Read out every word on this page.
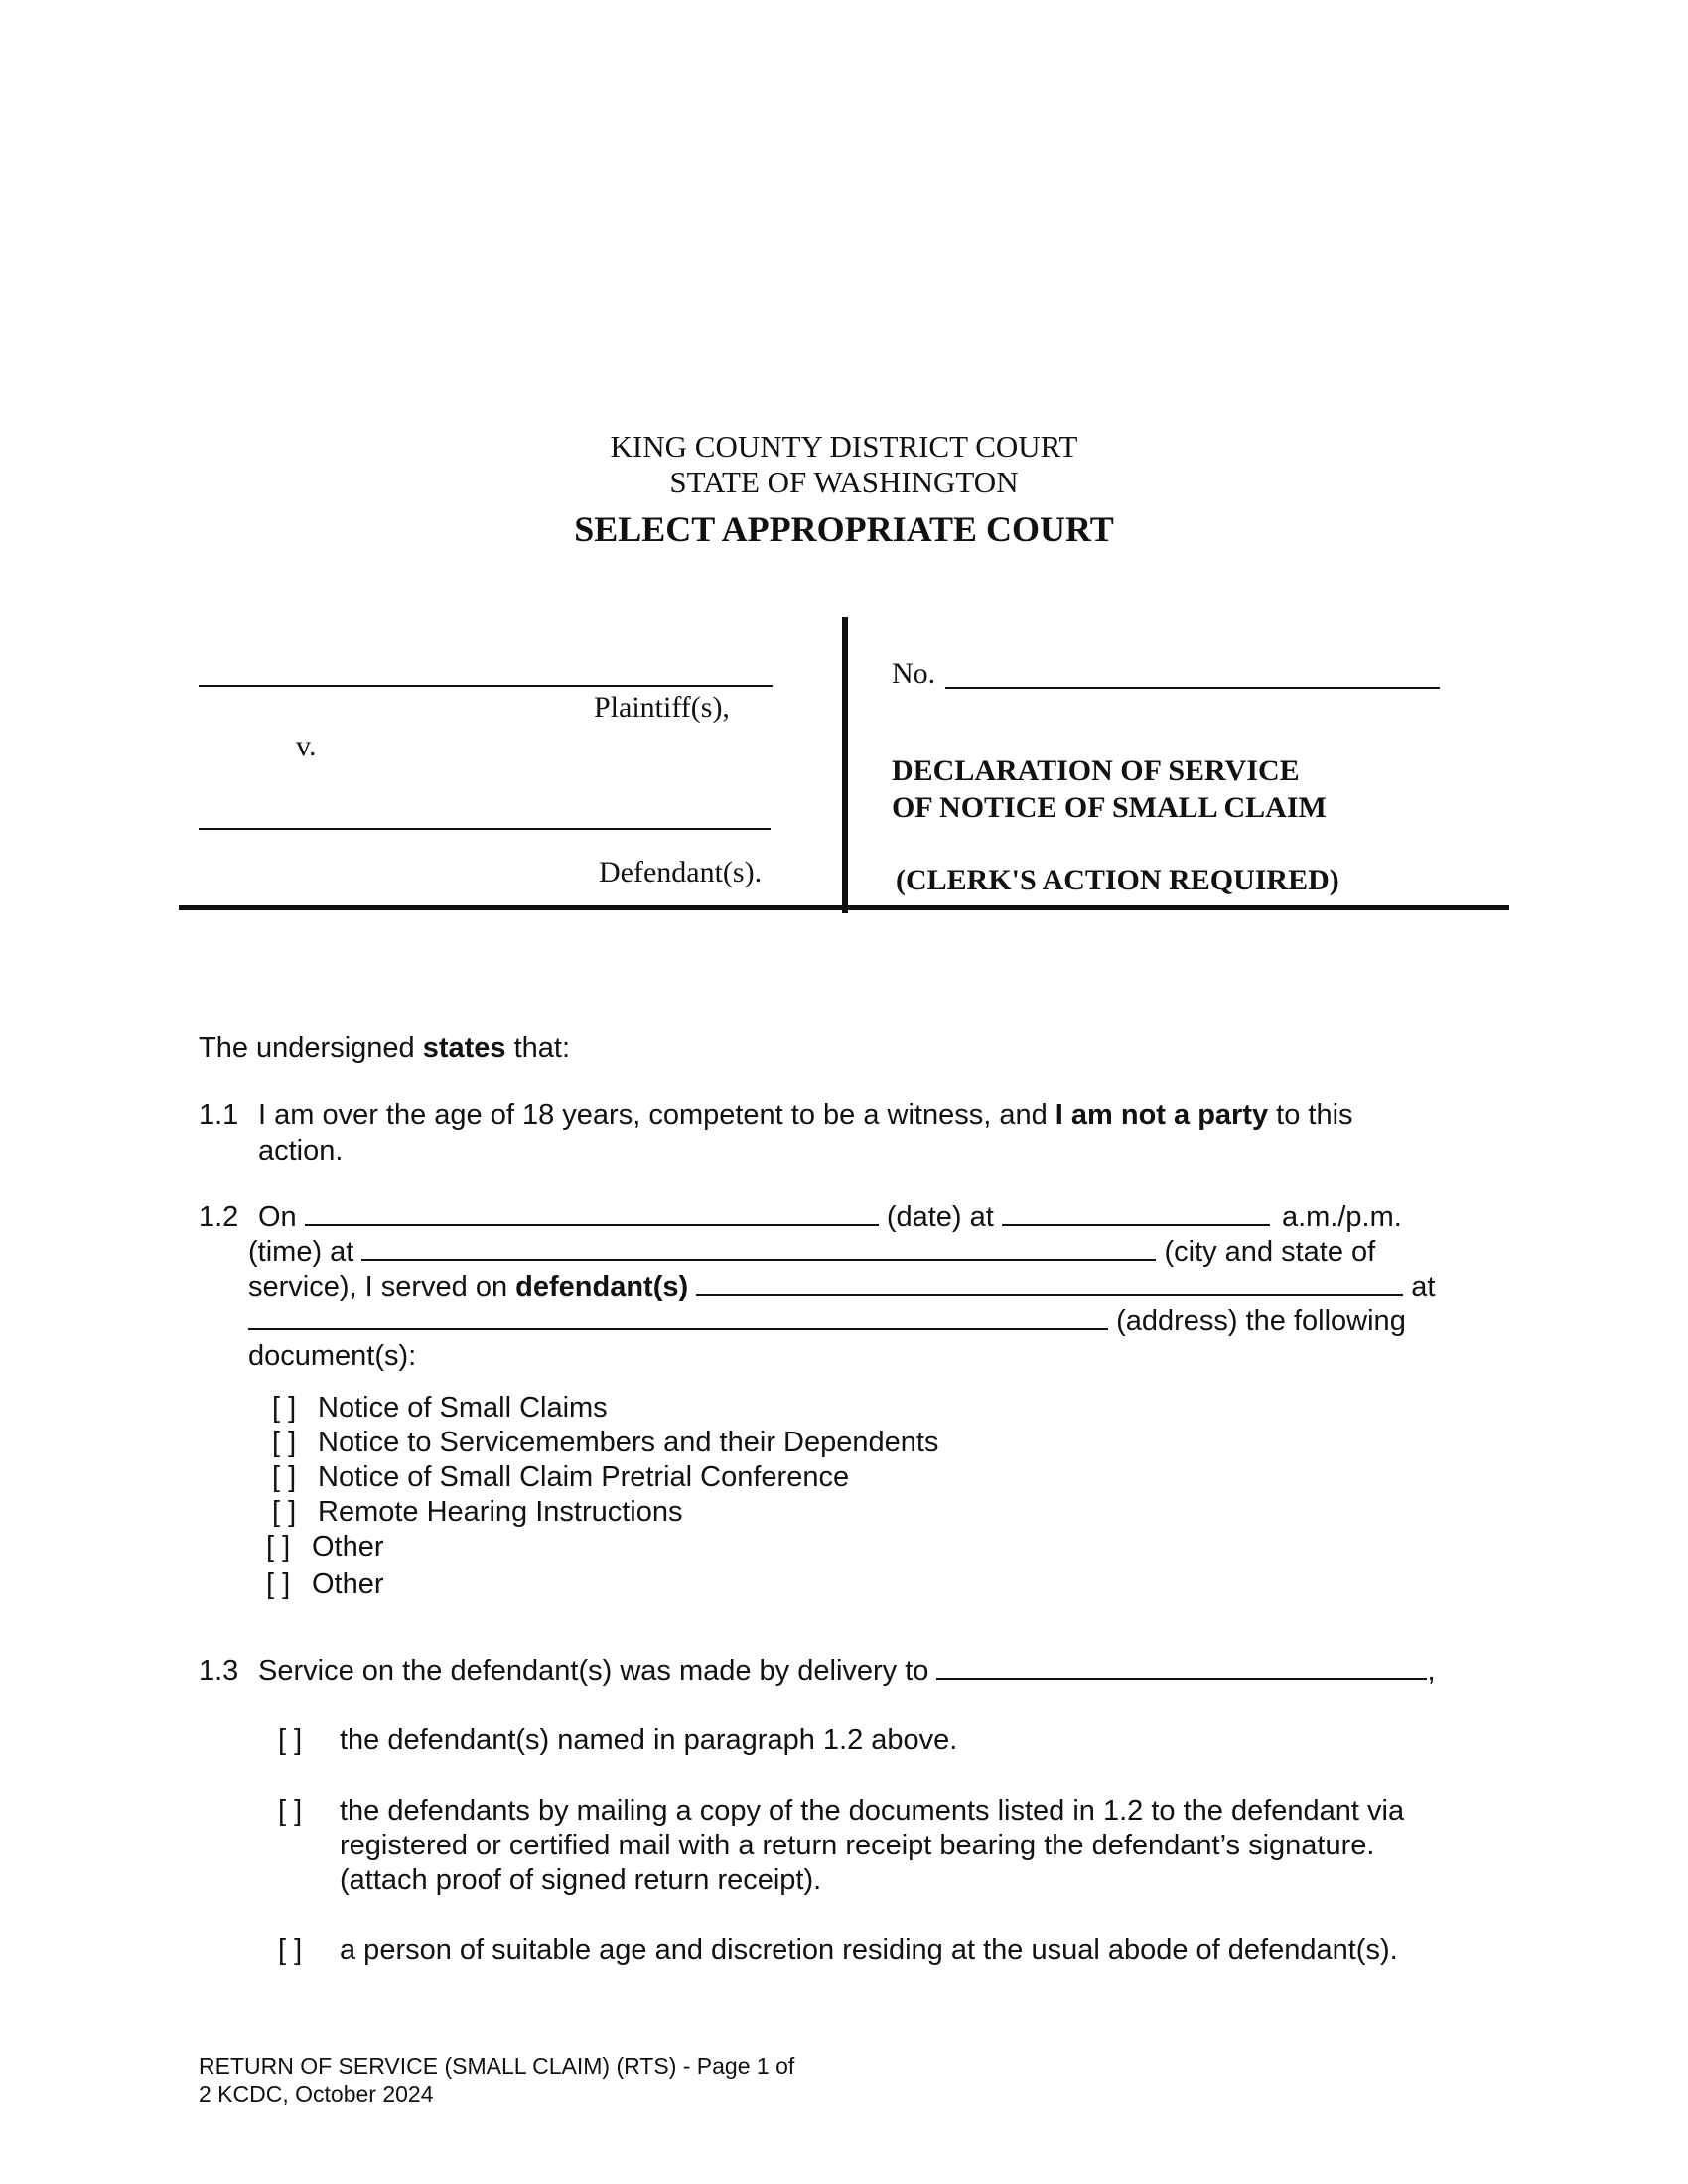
KING COUNTY DISTRICT COURT
STATE OF WASHINGTON
SELECT APPROPRIATE COURT
Plaintiff(s),
v.
Defendant(s).
No.
DECLARATION OF SERVICE
OF NOTICE OF SMALL CLAIM
(CLERK'S ACTION REQUIRED)
The undersigned states that:
1.1 I am over the age of 18 years, competent to be a witness, and I am not a party to this
action.
1.2 On	(date) at	a.m./p.m.
(time) at	(city and state of
service), I served on defendant(s)	at
(address) the following
document(s):
[ ] Notice of Small Claims
[ ] Notice to Servicemembers and their Dependents
[ ] Notice of Small Claim Pretrial Conference
[ ] Remote Hearing Instructions
[ ] Other
[ ] Other
1.3 Service on the defendant(s) was made by delivery to	,
[ ] the defendant(s) named in paragraph 1.2 above.
[ ] the defendants by mailing a copy of the documents listed in 1.2 to the defendant via
registered or certified mail with a return receipt bearing the defendant’s signature.
(attach proof of signed return receipt).
[ ] a person of suitable age and discretion residing at the usual abode of defendant(s).
RETURN OF SERVICE (SMALL CLAIM) (RTS) - Page 1 of
2 KCDC, October 2024
